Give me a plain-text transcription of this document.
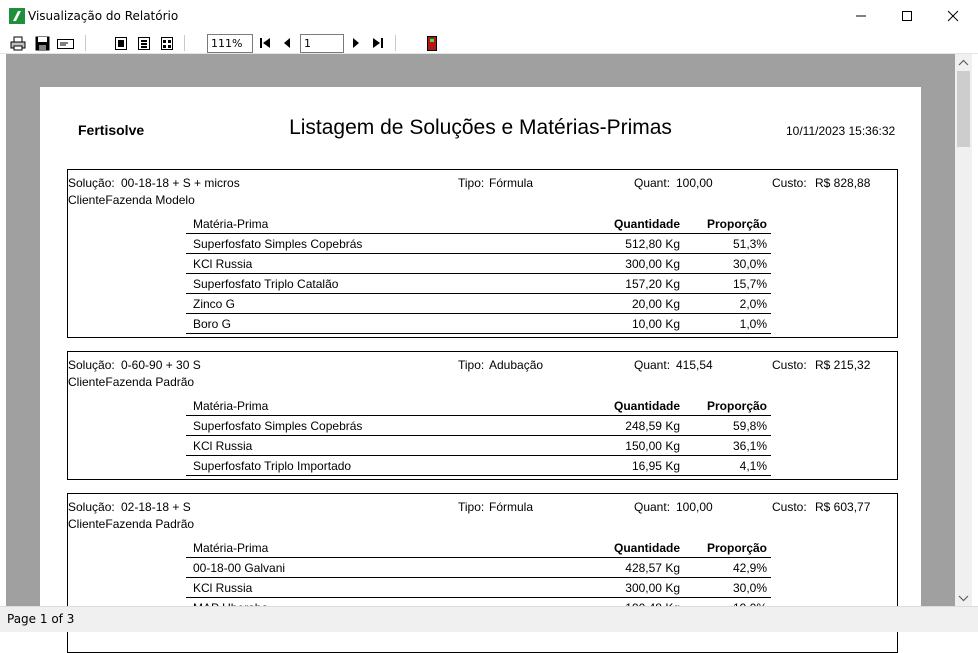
Visualização do Relatório
111%	1
Fertisolve	Listagem de Soluções e Matérias-Primas	10/11/2023 15:36:32
Solução: 00-18-18 + S + micros	Tipo: Fórmula	Quant: 100,00	Custo: R$ 828,88
ClienteFazenda Modelo
Matéria-Prima	Quantidade Proporção
Superfosfato Simples Copebrás	512,80 Kg	51,3%
KCl Russia	300,00 Kg	30,0%
Superfosfato Triplo Catalão	157,20 Kg	15,7%
Zinco G	20,00 Kg	2,0%
Boro G	10,00 Kg	1,0%
Solução: 0-60-90 + 30 S	Tipo: Adubação	Quant: 415,54	Custo: R$ 215,32
ClienteFazenda Padrão
Matéria-Prima	Quantidade Proporção
Superfosfato Simples Copebrás	248,59 Kg	59,8%
KCl Russia	150,00 Kg	36,1%
Superfosfato Triplo Importado	16,95 Kg	4,1%
Solução: 02-18-18 + S	Tipo: Fórmula	Quant: 100,00	Custo: R$ 603,77
ClienteFazenda Padrão
Matéria-Prima	Quantidade Proporção
00-18-00 Galvani	428,57 Kg	42,9%
KCl Russia	300,00 Kg	30,0%
Page 1 of 3
